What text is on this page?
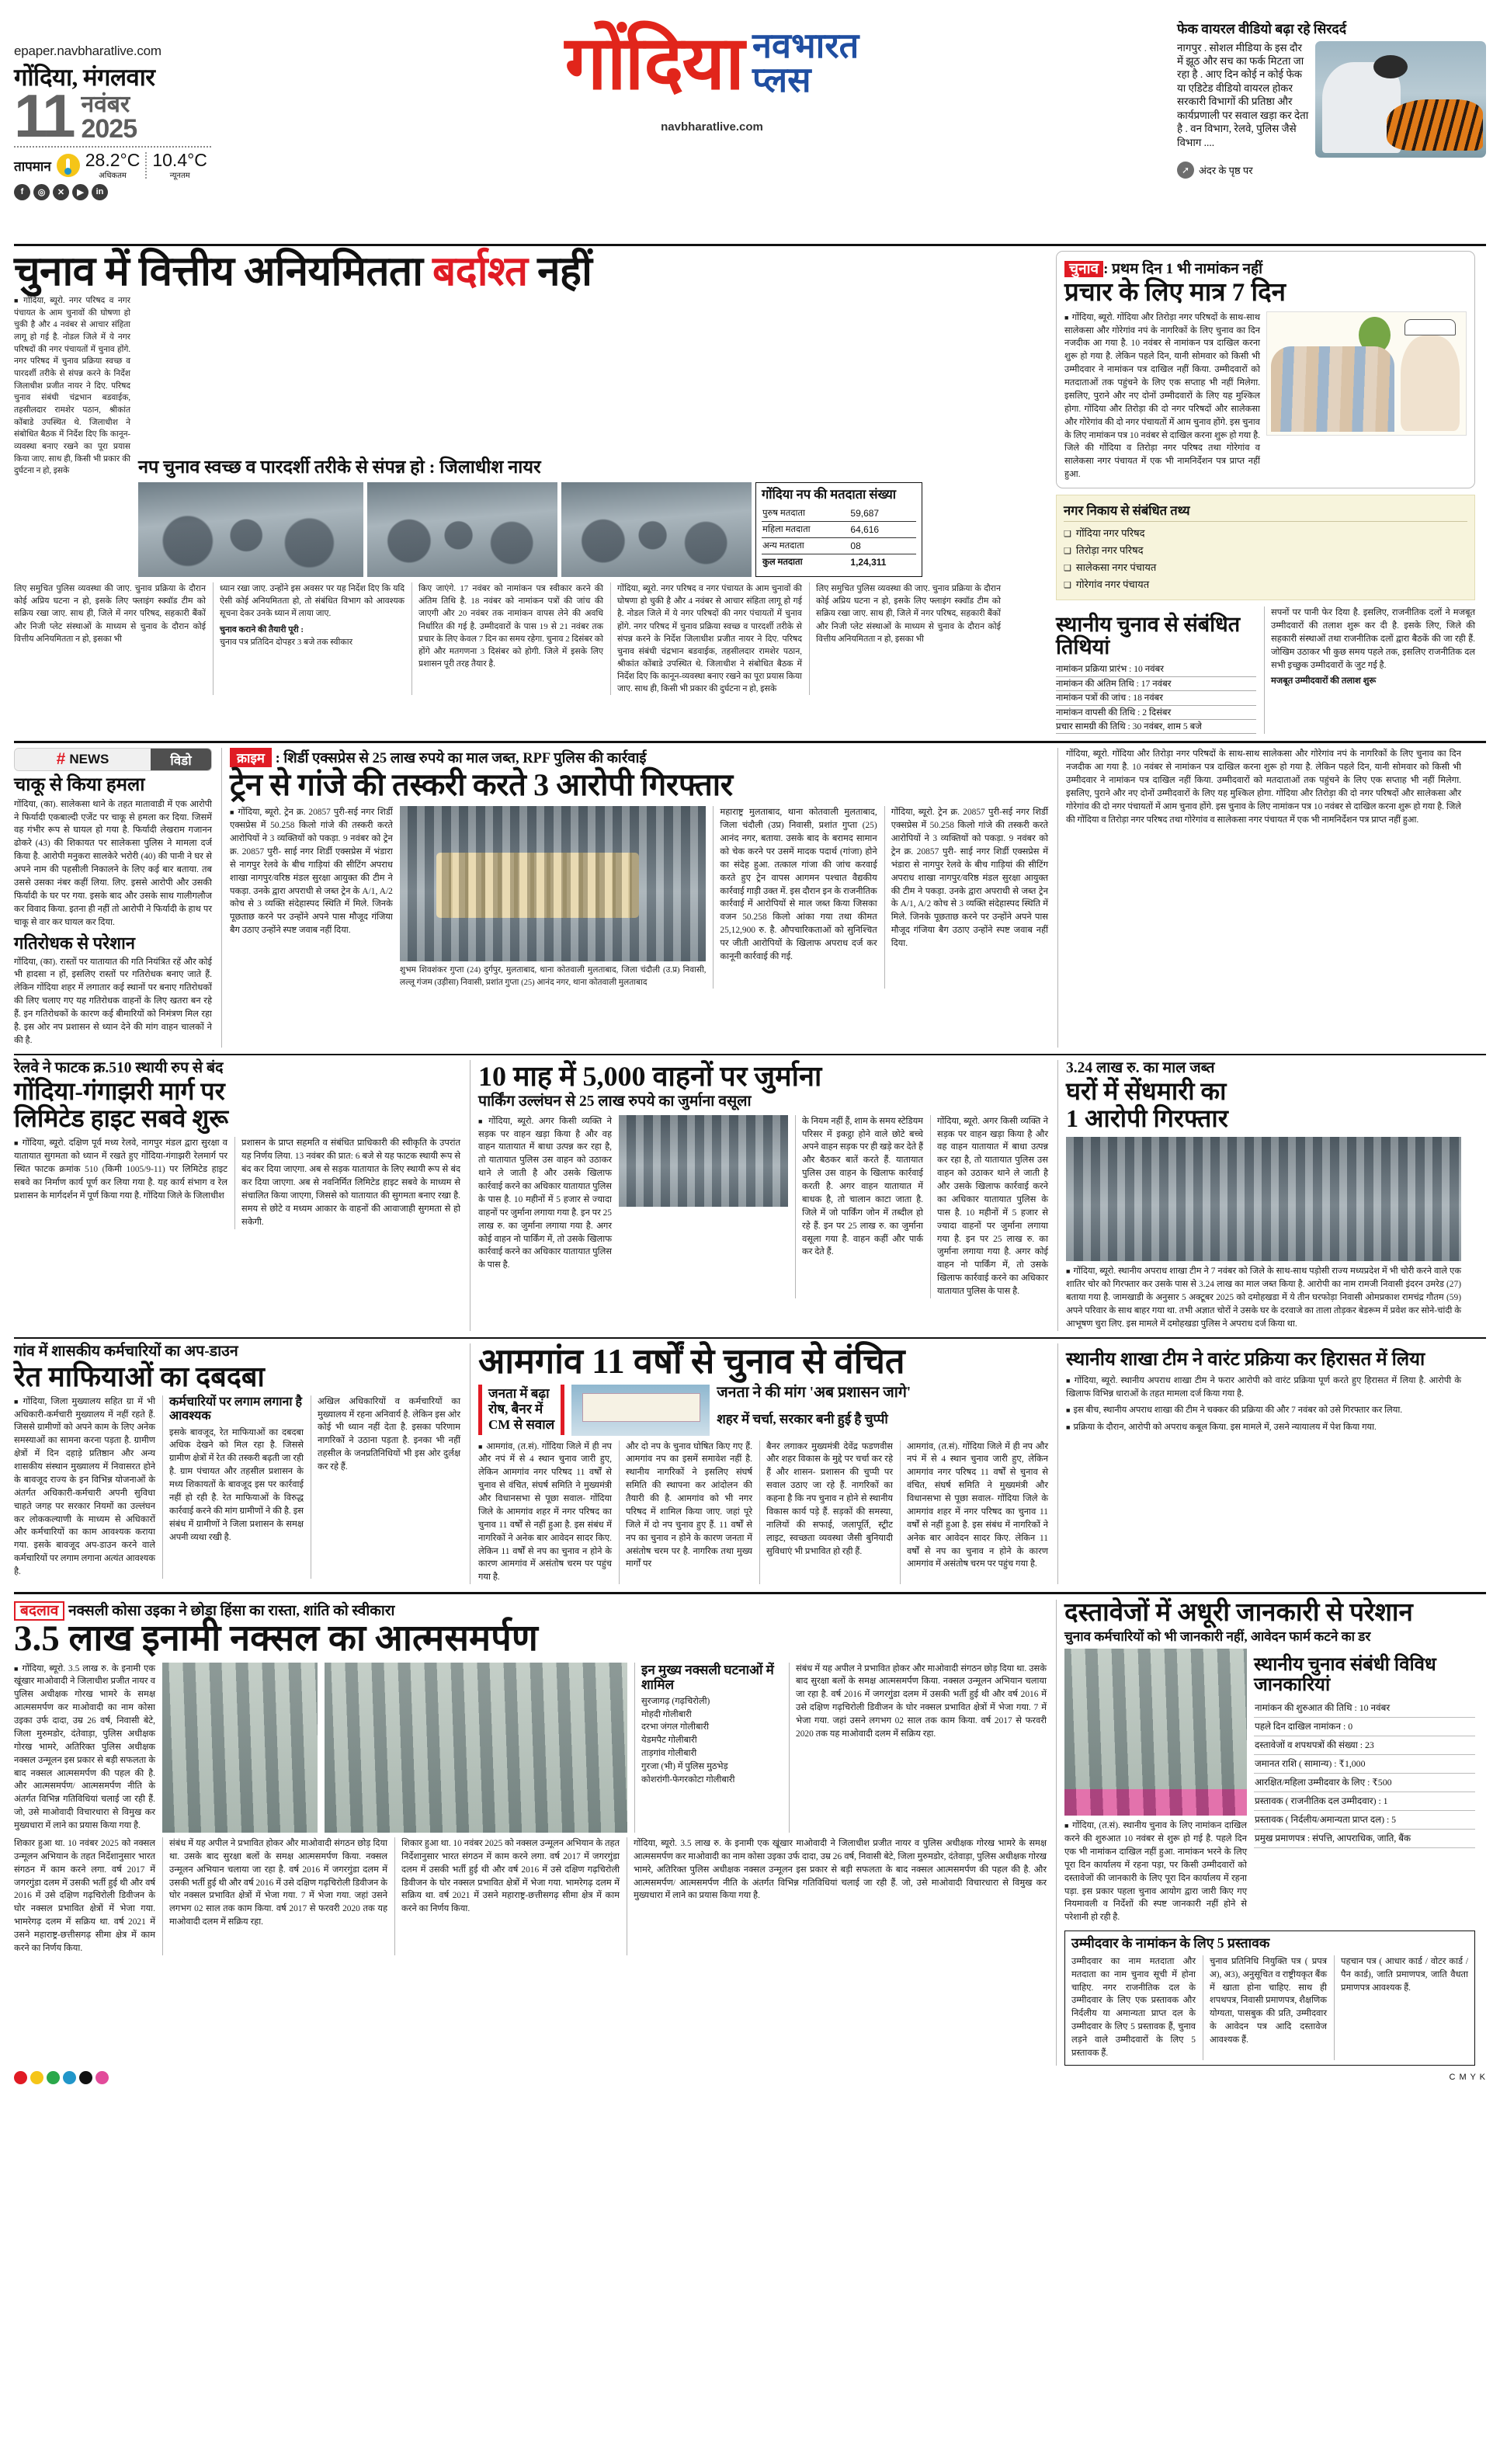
epaper.navbharatlive.com
गोंदिया, मंगलवार
11 नवंबर
2025
तापमान 28.2°C
अधिकतम
10.4°C
न्यूनतम
f	◎	✕	▶	in
गोंदिया नवभारत
प्लस
navbharatlive.com
फेक वायरल वीडियो बढ़ा रहे सिरदर्द
नागपुर . सोशल मीडिया के इस दौर में झूठ और सच का फर्क मिटता जा रहा है . आए दिन कोई न कोई फेक या एडिटेड वीडियो वायरल होकर सरकारी विभागों की प्रतिष्ठा और कार्यप्रणाली पर सवाल खड़ा कर देता है . वन विभाग, रेलवे, पुलिस जैसे विभाग ....
➚ अंदर के पृष्ठ पर
चुनाव में वित्तीय अनियमितता बर्दाश्त नहीं
■ गोंदिया, ब्यूरो. नगर परिषद व नगर पंचायत के आम चुनावों की घोषणा हो चुकी है और 4 नवंबर से आचार संहिता लागू हो गई है. नोडल जिले में ये नगर परिषदों की नगर पंचायतों में चुनाव होंगे. नगर परिषद में चुनाव प्रक्रिया स्वच्छ व पारदर्शी तरीके से संपन्न करने के निर्देश जिलाधीश प्रजीत नायर ने दिए. परिषद चुनाव संबंधी चंद्रभान बडवाईक, तहसीलदार रामशेर पठान, श्रीकांत कोंबाडे उपस्थित थे. जिलाधीश ने संबोधित बैठक में निर्देश दिए कि कानून-व्यवस्था बनाए रखने का पूरा प्रयास किया जाए. साथ ही, किसी भी प्रकार की दुर्घटना न हो, इसके	नप चुनाव स्वच्छ व पारदर्शी तरीके से संपन्न हो : जिलाधीश नायर
गोंदिया नप की मतदाता संख्या
पुरुष मतदाता	59,687
महिला मतदाता	64,616
अन्य मतदाता	08
कुल मतदाता	1,24,311
लिए समुचित पुलिस व्यवस्था की जाए. चुनाव प्रक्रिया के दौरान कोई अप्रिय घटना न हो, इसके लिए फ्लाइंग स्क्वॉड टीम को सक्रिय रखा जाए. साथ ही, जिले में नगर परिषद, सहकारी बैंकों और निजी प्लेट संस्थाओं के माध्यम से चुनाव के दौरान कोई वित्तीय अनियमितता न हो, इसका भी
ध्यान रखा जाए. उन्होंने इस अवसर पर यह निर्देश दिए कि यदि ऐसी कोई अनियमितता हो, तो संबंधित विभाग को आवश्यक सूचना देकर उनके ध्यान में लाया जाए.
चुनाव कराने की तैयारी पूरी :
चुनाव पत्र प्रतिदिन दोपहर 3 बजे तक स्वीकार
किए जाएंगे. 17 नवंबर को नामांकन पत्र स्वीकार करने की अंतिम तिथि है. 18 नवंबर को नामांकन पत्रों की जांच की जाएगी और 20 नवंबर तक नामांकन वापस लेने की अवधि निर्धारित की गई है. उम्मीदवारों के पास 19 से 21 नवंबर तक प्रचार के लिए केवल 7 दिन का समय रहेगा. चुनाव 2 दिसंबर को होंगे और मतगणना 3 दिसंबर को होगी. जिले में इसके लिए प्रशासन पूरी तरह तैयार है.
गोंदिया, ब्यूरो. नगर परिषद व नगर पंचायत के आम चुनावों की घोषणा हो चुकी है और 4 नवंबर से आचार संहिता लागू हो गई है. नोडल जिले में ये नगर परिषदों की नगर पंचायतों में चुनाव होंगे. नगर परिषद में चुनाव प्रक्रिया स्वच्छ व पारदर्शी तरीके से संपन्न करने के निर्देश जिलाधीश प्रजीत नायर ने दिए. परिषद चुनाव संबंधी चंद्रभान बडवाईक, तहसीलदार रामशेर पठान, श्रीकांत कोंबाडे उपस्थित थे. जिलाधीश ने संबोधित बैठक में निर्देश दिए कि कानून-व्यवस्था बनाए रखने का पूरा प्रयास किया जाए. साथ ही, किसी भी प्रकार की दुर्घटना न हो, इसके
लिए समुचित पुलिस व्यवस्था की जाए. चुनाव प्रक्रिया के दौरान कोई अप्रिय घटना न हो, इसके लिए फ्लाइंग स्क्वॉड टीम को सक्रिय रखा जाए. साथ ही, जिले में नगर परिषद, सहकारी बैंकों और निजी प्लेट संस्थाओं के माध्यम से चुनाव के दौरान कोई वित्तीय अनियमितता न हो, इसका भी
चुनाव : प्रथम दिन 1 भी नामांकन नहीं
प्रचार के लिए मात्र 7 दिन
■ गोंदिया, ब्यूरो. गोंदिया और तिरोड़ा नगर परिषदों के साथ-साथ सालेकसा और गोरेगांव नपं के नागरिकों के लिए चुनाव का दिन नजदीक आ गया है. 10 नवंबर से नामांकन पत्र दाखिल करना शुरू हो गया है. लेकिन पहले दिन, यानी सोमवार को किसी भी उम्मीदवार ने नामांकन पत्र दाखिल नहीं किया. उम्मीदवारों को मतदाताओं तक पहुंचने के लिए एक सप्ताह भी नहीं मिलेगा. इसलिए, पुराने और नए दोनों उम्मीदवारों के लिए यह मुश्किल होगा. गोंदिया और तिरोड़ा की दो नगर परिषदों और सालेकसा और गोरेगांव की दो नगर पंचायतों में आम चुनाव होंगे. इस चुनाव के लिए नामांकन पत्र 10 नवंबर से दाखिल करना शुरू हो गया है. जिले की गोंदिया व तिरोड़ा नगर परिषद तथा गोरेगांव व सालेकसा नगर पंचायत में एक भी नामनिर्देशन पत्र प्राप्त नहीं हुआ.
नगर निकाय से संबंधित तथ्य
❑ गोंदिया नगर परिषद
❑ तिरोड़ा नगर परिषद
❑ सालेकसा नगर पंचायत
❑ गोरेगांव नगर पंचायत
स्थानीय चुनाव से संबंधित तिथियां
नामांकन प्रक्रिया प्रारंभ : 10 नवंबर
नामांकन की अंतिम तिथि : 17 नवंबर
नामांकन पत्रों की जांच : 18 नवंबर
नामांकन वापसी की तिथि : 2 दिसंबर
प्रचार सामग्री की तिथि : 30 नवंबर, शाम 5 बजे
सपनों पर पानी फेर दिया है. इसलिए, राजनीतिक दलों ने मजबूत उम्मीदवारों की तलाश शुरू कर दी है. इसके लिए, जिले की सहकारी संस्थाओं तथा राजनीतिक दलों द्वारा बैठकें की जा रही हैं. जोखिम उठाकर भी कुछ समय पहले तक, इसलिए राजनीतिक दल सभी इच्छुक उम्मीदवारों के जुट गई है.
मजबूत उम्मीदवारों की तलाश शुरू
# NEWS	विडो
चाकू से किया हमला
गोंदिया, (का). सालेकसा थाने के तहत मातावाडी में एक आरोपी ने फिर्यादी एकबाल्दी एजेंट पर चाकू से हमला कर दिया. जिसमें वह गंभीर रूप से घायल हो गया है. फिर्यादी लेखराम गजानन ढोकरे (43) की शिकायत पर सालेकसा पुलिस ने मामला दर्ज किया है. आरोपी मनुकरा सालकेरे भरोरी (40) की पानी ने घर से अपने नाम की पहसीली निकालने के लिए कई बार बताया. तब उससे उसका नंबर कहीं लिया. लिए. इससे आरोपी और उसकी फिर्यादी के घर पर गया. इसके बाद और उसके साथ गालीगलौज कर विवाद किया. इतना ही नहीं तो आरोपी ने फिर्यादी के हाथ पर चाकू से वार कर घायल कर दिया.
गतिरोधक से परेशान
गोंदिया, (का). रास्तों पर यातायात की गति नियंत्रित रहें और कोई भी हादसा न हों, इसलिए रास्तों पर गतिरोधक बनाए जाते हैं. लेकिन गोंदिया शहर में लगातार कई स्थानों पर बनाए गतिरोधकों की लिए चलाए गए यह गतिरोधक वाहनों के लिए खतरा बन रहे हैं. इन गतिरोधकों के कारण कई बीमारियों को निमंत्रण मिल रहा है. इस ओर नप प्रशासन से ध्यान देने की मांग वाहन चालकों ने की है.
क्राइम : शिर्डी एक्सप्रेस से 25 लाख रुपये का माल जब्त, RPF पुलिस की कार्रवाई
ट्रेन से गांजे की तस्करी करते 3 आरोपी गिरफ्तार
■ गोंदिया, ब्यूरो. ट्रेन क्र. 20857 पुरी-सई नगर शिर्डी एक्सप्रेस में 50.258 किलो गांजे की तस्करी करते आरोपियों ने 3 व्यक्तियों को पकड़ा. 9 नवंबर को ट्रेन क्र. 20857 पुरी- साई नगर शिर्डी एक्सप्रेस में भंडारा से नागपुर रेलवे के बीच गाड़ियां की सीटिंग अपराध शाखा नागपुर/वरिष्ठ मंडल सुरक्षा आयुक्त की टीम ने पकड़ा. उनके द्वारा अपराधी से जब्त ट्रेन के A/1, A/2 कोच से 3 व्यक्ति संदेहास्पद स्थिति में मिले. जिनके पूछताछ करने पर उन्होंने अपने पास मौजूद गंजिया बैग उठाए उन्होंने स्पष्ट जवाब नहीं दिया.
शुभम शिवशंकर गुप्ता (24) दुर्गपुर, मुलताबाद, थाना कोतवाली मुलताबाद, जिला चंदौली (उ.प्र) निवासी, लल्लू गंजम (उड़ीसा) निवासी, प्रशांत गुप्ता (25) आनंद नगर, थाना कोतवाली मुलताबाद
महाराष्ट्र मुलताबाद, थाना कोतवाली मुलताबाद, जिला चंदौली (उप्र) निवासी, प्रशांत गुप्ता (25) आनंद नगर, बताया. उसके बाद के बरामद सामान को चेक करने पर उसमें मादक पदार्थ (गांजा) होने का संदेह हुआ. तत्काल गांजा की जांच करवाई करते हुए ट्रेन वापस आगमन पश्चात वैद्यकीय कार्रवाई गाड़ी उक्त में. इस दौरान इन के राजनीतिक कार्रवाई में आरोपियों से माल जब्त किया जिसका वजन 50.258 किलो आंका गया तथा कीमत 25,12,900 रु. है. औपचारिकताओं को सुनिश्चित पर जीती आरोपियों के खिलाफ अपराध दर्ज कर कानूनी कार्रवाई की गई.
गोंदिया, ब्यूरो. ट्रेन क्र. 20857 पुरी-सई नगर शिर्डी एक्सप्रेस में 50.258 किलो गांजे की तस्करी करते आरोपियों ने 3 व्यक्तियों को पकड़ा. 9 नवंबर को ट्रेन क्र. 20857 पुरी- साई नगर शिर्डी एक्सप्रेस में भंडारा से नागपुर रेलवे के बीच गाड़ियां की सीटिंग अपराध शाखा नागपुर/वरिष्ठ मंडल सुरक्षा आयुक्त की टीम ने पकड़ा. उनके द्वारा अपराधी से जब्त ट्रेन के A/1, A/2 कोच से 3 व्यक्ति संदेहास्पद स्थिति में मिले. जिनके पूछताछ करने पर उन्होंने अपने पास मौजूद गंजिया बैग उठाए उन्होंने स्पष्ट जवाब नहीं दिया.
गोंदिया, ब्यूरो. गोंदिया और तिरोड़ा नगर परिषदों के साथ-साथ सालेकसा और गोरेगांव नपं के नागरिकों के लिए चुनाव का दिन नजदीक आ गया है. 10 नवंबर से नामांकन पत्र दाखिल करना शुरू हो गया है. लेकिन पहले दिन, यानी सोमवार को किसी भी उम्मीदवार ने नामांकन पत्र दाखिल नहीं किया. उम्मीदवारों को मतदाताओं तक पहुंचने के लिए एक सप्ताह भी नहीं मिलेगा. इसलिए, पुराने और नए दोनों उम्मीदवारों के लिए यह मुश्किल होगा. गोंदिया और तिरोड़ा की दो नगर परिषदों और सालेकसा और गोरेगांव की दो नगर पंचायतों में आम चुनाव होंगे. इस चुनाव के लिए नामांकन पत्र 10 नवंबर से दाखिल करना शुरू हो गया है. जिले की गोंदिया व तिरोड़ा नगर परिषद तथा गोरेगांव व सालेकसा नगर पंचायत में एक भी नामनिर्देशन पत्र प्राप्त नहीं हुआ.
रेलवे ने फाटक क्र.510 स्थायी रुप से बंद
गोंदिया-गंगाझरी मार्ग पर
लिमिटेड हाइट सबवे शुरू
■ गोंदिया, ब्यूरो. दक्षिण पूर्व मध्य रेलवे, नागपुर मंडल द्वारा सुरक्षा व यातायात सुगमता को ध्यान में रखते हुए गोंदिया-गंगाझरी रेलमार्ग पर स्थित फाटक क्रमांक 510 (किमी 1005/9-11) पर लिमिटेड हाइट सबवे का निर्माण कार्य पूर्ण कर लिया गया है. यह कार्य संभाग व रेल प्रशासन के मार्गदर्शन में पूर्ण किया गया है. गोंदिया जिले के जिलाधीश
प्रशासन के प्राप्त सहमति व संबंधित प्राधिकारी की स्वीकृति के उपरांत यह निर्णय लिया. 13 नवंबर की प्रात: 6 बजे से यह फाटक स्थायी रूप से बंद कर दिया जाएगा. अब से सड़क यातायात के लिए स्थायी रूप से बंद कर दिया जाएगा. अब से नवनिर्मित लिमिटेड हाइट सबवे के माध्यम से संचालित किया जाएगा, जिससे को यातायात की सुगमता बनाए रखा है. समय से छोटे व मध्यम आकार के वाहनों की आवाजाही सुगमता से हो सकेगी.
10 माह में 5,000 वाहनों पर जुर्माना
पार्किंग उल्लंघन से 25 लाख रुपये का जुर्माना वसूला
■ गोंदिया, ब्यूरो. अगर किसी व्यक्ति ने सड़क पर वाहन खड़ा किया है और वह वाहन यातायात में बाधा उत्पन्न कर रहा है, तो यातायात पुलिस उस वाहन को उठाकर थाने ले जाती है और उसके खिलाफ कार्रवाई करने का अधिकार यातायात पुलिस के पास है. 10 महीनों में 5 हजार से ज्यादा वाहनों पर जुर्माना लगाया गया है. इन पर 25 लाख रु. का जुर्माना लगाया गया है. अगर कोई वाहन नो पार्किंग में, तो उसके खिलाफ कार्रवाई करने का अधिकार यातायात पुलिस के पास है.
के नियम नहीं हैं, शाम के समय स्टेडियम परिसर में इकट्ठा होने वाले छोटे बच्चे अपने वाहन सड़क पर ही खड़े कर देते हैं और बैठकर बातें करते हैं. यातायात पुलिस उस वाहन के खिलाफ कार्रवाई करती है. अगर वाहन यातायात में बाधक है, तो चालान काटा जाता है. जिले में जो पार्किंग जोन में तब्दील हो रहे हैं. इन पर 25 लाख रु. का जुर्माना वसूला गया है. वाहन कहीं और पार्क कर देते हैं.
गोंदिया, ब्यूरो. अगर किसी व्यक्ति ने सड़क पर वाहन खड़ा किया है और वह वाहन यातायात में बाधा उत्पन्न कर रहा है, तो यातायात पुलिस उस वाहन को उठाकर थाने ले जाती है और उसके खिलाफ कार्रवाई करने का अधिकार यातायात पुलिस के पास है. 10 महीनों में 5 हजार से ज्यादा वाहनों पर जुर्माना लगाया गया है. इन पर 25 लाख रु. का जुर्माना लगाया गया है. अगर कोई वाहन नो पार्किंग में, तो उसके खिलाफ कार्रवाई करने का अधिकार यातायात पुलिस के पास है.
3.24 लाख रु. का माल जब्त
घरों में सेंधमारी का
1 आरोपी गिरफ्तार
■ गोंदिया, ब्यूरो. स्थानीय अपराध शाखा टीम ने 7 नवंबर को जिले के साथ-साथ पड़ोसी राज्य मध्यप्रदेश में भी चोरी करने वाले एक शातिर चोर को गिरफ्तार कर उसके पास से 3.24 लाख का माल जब्त किया है. आरोपी का नाम रामजी निवासी इंदरन उमरेड (27) बताया गया है. जामखाडी के अनुसार 5 अक्टूबर 2025 को दमोहखडा में ये तीन घरफोड़ा निवासी ओमप्रकाश रामचंद्र गौतम (59) अपने परिवार के साथ बाहर गया था. तभी अज्ञात चोरों ने उसके घर के दरवाजे का ताला तोड़कर बेडरूम में प्रवेश कर सोने-चांदी के आभूषण चुरा लिए. इस मामले में दमोहखडा पुलिस ने अपराध दर्ज किया था.
गांव में शासकीय कर्मचारियों का अप-डाउन
रेत माफियाओं का दबदबा
■ गोंदिया, जिला मुख्यालय सहित ग्रा में भी अधिकारी-कर्मचारी मुख्यालय में नहीं रहते हैं. जिससे ग्रामीणों को अपने काम के लिए अनेक समस्याओं का सामना करना पड़ता है. ग्रामीण क्षेत्रों में दिन दहाड़े प्रतिष्ठान और अन्य शासकीय संस्थान मुख्यालय में निवासरत होने के बावजूद राज्य के इन विभिन्न योजनाओं के अंतर्गत अधिकारी-कर्मचारी अपनी सुविधा चाहते जगह पर सरकार नियमों का उल्लंघन कर लोककल्याणी के माध्यम से अधिकारों और कर्मचारियों का काम आवश्यक कराया गया. इसके बावजूद अप-डाउन करने वाले कर्मचारियों पर लगाम लगाना अत्यंत आवश्यक है.
कर्मचारियों पर लगाम लगाना है आवश्यक
इसके बावजूद, रेत माफियाओं का दबदबा अधिक देखने को मिल रहा है. जिससे ग्रामीण क्षेत्रों में रेत की तस्करी बढ़ती जा रही है. ग्राम पंचायत और तहसील प्रशासन के मध्य शिकायतों के बावजूद इस पर कार्रवाई नहीं हो रही है. रेत माफियाओं के विरुद्ध कार्रवाई करने की मांग ग्रामीणों ने की है. इस संबंध में ग्रामीणों ने जिला प्रशासन के समक्ष अपनी व्यथा रखी है.
अखिल अधिकारियों व कर्मचारियों का मुख्यालय में रहना अनिवार्य है. लेकिन इस ओर कोई भी ध्यान नहीं देता है. इसका परिणाम नागरिकों ने उठाना पड़ता है. इनका भी नहीं तहसील के जनप्रतिनिधियों भी इस ओर दुर्लक्ष कर रहे हैं.
आमगांव 11 वर्षों से चुनाव से वंचित
जनता में बढ़ा
रोष, बैनर में
CM से सवाल
जनता ने की मांग 'अब प्रशासन जागे'
शहर में चर्चा, सरकार बनी हुई है चुप्पी
■ आमगांव, (त.सं). गोंदिया जिले में ही नप और नपं में से 4 स्थान चुनाव जारी हुए, लेकिन आमगांव नगर परिषद 11 वर्षों से चुनाव से वंचित, संघर्ष समिति ने मुख्यमंत्री और विधानसभा से पूछा सवाल- गोंदिया जिले के आमगांव शहर में नगर परिषद का चुनाव 11 वर्षों से नहीं हुआ है. इस संबंध में नागरिकों ने अनेक बार आवेदन सादर किए. लेकिन 11 वर्षों से नप का चुनाव न होने के कारण आमगांव में असंतोष चरम पर पहुंच गया है.
और दो नप के चुनाव घोषित किए गए हैं. आमगांव नप का इसमें समावेश नहीं है. स्थानीय नागरिकों ने इसलिए संघर्ष समिति की स्थापना कर आंदोलन की तैयारी की है. आमगांव को भी नगर परिषद में शामिल किया जाए. जहां पूरे जिले में दो नप चुनाव हुए हैं. 11 वर्षों से नप का चुनाव न होने के कारण जनता में असंतोष चरम पर है. नागरिक तथा मुख्य मार्गों पर
बैनर लगाकर मुख्यमंत्री देवेंद्र फडणवीस और शहर विकास के मुद्दे पर चर्चा कर रहे हैं और शासन- प्रशासन की चुप्पी पर सवाल उठाए जा रहे हैं. नागरिकों का कहना है कि नप चुनाव न होने से स्थानीय विकास कार्य पड़े हैं. सड़कों की समस्या, नालियों की सफाई, जलापूर्ति, स्ट्रीट लाइट, स्वच्छता व्यवस्था जैसी बुनियादी सुविधाएं भी प्रभावित हो रही हैं.
आमगांव, (त.सं). गोंदिया जिले में ही नप और नपं में से 4 स्थान चुनाव जारी हुए, लेकिन आमगांव नगर परिषद 11 वर्षों से चुनाव से वंचित, संघर्ष समिति ने मुख्यमंत्री और विधानसभा से पूछा सवाल- गोंदिया जिले के आमगांव शहर में नगर परिषद का चुनाव 11 वर्षों से नहीं हुआ है. इस संबंध में नागरिकों ने अनेक बार आवेदन सादर किए. लेकिन 11 वर्षों से नप का चुनाव न होने के कारण आमगांव में असंतोष चरम पर पहुंच गया है.
स्थानीय शाखा टीम ने वारंट प्रक्रिया कर हिरासत में लिया
■ गोंदिया, ब्यूरो. स्थानीय अपराध शाखा टीम ने फरार आरोपी को वारंट प्रक्रिया पूर्ण करते हुए हिरासत में लिया है. आरोपी के खिलाफ विभिन्न धाराओं के तहत मामला दर्ज किया गया है.
■ इस बीच, स्थानीय अपराध शाखा की टीम ने चक्कर की प्रक्रिया की और 7 नवंबर को उसे गिरफ्तार कर लिया.
■ प्रक्रिया के दौरान, आरोपी को अपराध कबूल किया. इस मामले में, उसने न्यायालय में पेश किया गया.
बदलाव नक्सली कोसा उइका ने छोड़ा हिंसा का रास्ता, शांति को स्वीकारा
3.5 लाख इनामी नक्सल का आत्मसमर्पण
■ गोंदिया, ब्यूरो. 3.5 लाख रु. के इनामी एक खूंखार माओवादी ने जिलाधीश प्रजीत नायर व पुलिस अधीक्षक गोरख भामरे के समक्ष आत्मसमर्पण कर माओवादी का नाम कोसा उइका उर्फ दादा, उम्र 26 वर्ष, निवासी बेटे, जिला मुरुमडोर, दंतेवाड़ा, पुलिस अधीक्षक गोरख भामरे, अतिरिक्त पुलिस अधीक्षक नक्सल उन्मूलन इस प्रकार से बड़ी सफलता के बाद नक्सल आत्मसमर्पण की पहल की है. और आत्मसमर्पण/ आत्मसमर्पण नीति के अंतर्गत विभिन्न गतिविधियां चलाई जा रही हैं. जो, उसे माओवादी विचारधारा से विमुख कर मुख्यधारा में लाने का प्रयास किया गया है.
इन मुख्य नक्सली घटनाओं में शामिल
सुरजागढ़ (गढ़चिरोली)
मोहदी गोलीबारी
दरभा जंगल गोलीबारी
येडमपैट गोलीबारी
ताड़गांव गोलीबारी
गुरजा (भी) में पुलिस मुठभेड़
कोशरांगी-फेगरकोटा गोलीबारी
संबंध में यह अपील ने प्रभावित होकर और माओवादी संगठन छोड़ दिया था. उसके बाद सुरक्षा बलों के समक्ष आत्मसमर्पण किया. नक्सल उन्मूलन अभियान चलाया जा रहा है. वर्ष 2016 में जगरगुंडा दलम में उसकी भर्ती हुई थी और वर्ष 2016 में उसे दक्षिण गढ़चिरोली डिवीजन के घोर नक्सल प्रभावित क्षेत्रों में भेजा गया. 7 में भेजा गया. जहां उसने लगभग 02 साल तक काम किया. वर्ष 2017 से फरवरी 2020 तक यह माओवादी दलम में सक्रिय रहा.
शिकार हुआ था. 10 नवंबर 2025 को नक्सल उन्मूलन अभियान के तहत निर्देशानुसार भारत संगठन में काम करने लगा. वर्ष 2017 में जगरगुंडा दलम में उसकी भर्ती हुई थी और वर्ष 2016 में उसे दक्षिण गढ़चिरोली डिवीजन के घोर नक्सल प्रभावित क्षेत्रों में भेजा गया. भामरेगढ़ दलम में सक्रिय था. वर्ष 2021 में उसने महाराष्ट्र-छत्तीसगढ़ सीमा क्षेत्र में काम करने का निर्णय किया.
संबंध में यह अपील ने प्रभावित होकर और माओवादी संगठन छोड़ दिया था. उसके बाद सुरक्षा बलों के समक्ष आत्मसमर्पण किया. नक्सल उन्मूलन अभियान चलाया जा रहा है. वर्ष 2016 में जगरगुंडा दलम में उसकी भर्ती हुई थी और वर्ष 2016 में उसे दक्षिण गढ़चिरोली डिवीजन के घोर नक्सल प्रभावित क्षेत्रों में भेजा गया. 7 में भेजा गया. जहां उसने लगभग 02 साल तक काम किया. वर्ष 2017 से फरवरी 2020 तक यह माओवादी दलम में सक्रिय रहा.
शिकार हुआ था. 10 नवंबर 2025 को नक्सल उन्मूलन अभियान के तहत निर्देशानुसार भारत संगठन में काम करने लगा. वर्ष 2017 में जगरगुंडा दलम में उसकी भर्ती हुई थी और वर्ष 2016 में उसे दक्षिण गढ़चिरोली डिवीजन के घोर नक्सल प्रभावित क्षेत्रों में भेजा गया. भामरेगढ़ दलम में सक्रिय था. वर्ष 2021 में उसने महाराष्ट्र-छत्तीसगढ़ सीमा क्षेत्र में काम करने का निर्णय किया.
गोंदिया, ब्यूरो. 3.5 लाख रु. के इनामी एक खूंखार माओवादी ने जिलाधीश प्रजीत नायर व पुलिस अधीक्षक गोरख भामरे के समक्ष आत्मसमर्पण कर माओवादी का नाम कोसा उइका उर्फ दादा, उम्र 26 वर्ष, निवासी बेटे, जिला मुरुमडोर, दंतेवाड़ा, पुलिस अधीक्षक गोरख भामरे, अतिरिक्त पुलिस अधीक्षक नक्सल उन्मूलन इस प्रकार से बड़ी सफलता के बाद नक्सल आत्मसमर्पण की पहल की है. और आत्मसमर्पण/ आत्मसमर्पण नीति के अंतर्गत विभिन्न गतिविधियां चलाई जा रही हैं. जो, उसे माओवादी विचारधारा से विमुख कर मुख्यधारा में लाने का प्रयास किया गया है.
दस्तावेजों में अधूरी जानकारी से परेशान
चुनाव कर्मचारियों को भी जानकारी नहीं, आवेदन फार्म कटने का डर
■ गोंदिया, (त.सं). स्थानीय चुनाव के लिए नामांकन दाखिल करने की शुरुआत 10 नवंबर से शुरू हो गई है. पहले दिन एक भी नामांकन दाखिल नहीं हुआ. नामांकन भरने के लिए पूरा दिन कार्यालय में रहना पड़ा, पर किसी उम्मीदवारों को दस्तावेजों की जानकारी के लिए पूरा दिन कार्यालय में रहना पड़ा. इस प्रकार पहला चुनाव आयोग द्वारा जारी किए गए नियमावली व निर्देशों की स्पष्ट जानकारी नहीं होने से परेशानी हो रही है.
स्थानीय चुनाव संबंधी विविध जानकारियां
नामांकन की शुरुआत की तिथि : 10 नवंबर
पहले दिन दाखिल नामांकन : 0
दस्तावेजों व शपथपत्रों की संख्या : 23
जमानत राशि ( सामान्य) : ₹1,000
आरक्षित/महिला उम्मीदवार के लिए : ₹500
प्रस्तावक ( राजनीतिक दल उम्मीदवार) : 1
प्रस्तावक ( निर्दलीय/अमान्यता प्राप्त दल) : 5
प्रमुख प्रमाणपत्र : संपत्ति, आपराधिक, जाति, बैंक
उम्मीदवार के नामांकन के लिए 5 प्रस्तावक
उम्मीदवार का नाम मतदाता और मतदाता का नाम चुनाव सूची में होना चाहिए. नगर राजनीतिक दल के उम्मीदवार के लिए एक प्रस्तावक और निर्दलीय या अमान्यता प्राप्त दल के उम्मीदवार के लिए 5 प्रस्तावक हैं, चुनाव लड़ने वाले उम्मीदवारों के लिए 5 प्रस्तावक हैं.
चुनाव प्रतिनिधि नियुक्ति पत्र ( प्रपत्र अ), अ3), अनुसूचित व राष्ट्रीयकृत बैंक में खाता होना चाहिए. साथ ही शपथपत्र, निवासी प्रमाणपत्र, शैक्षणिक योग्यता, पासबुक की प्रति, उम्मीदवार के आवेदन पत्र आदि दस्तावेज आवश्यक हैं.
पहचान पत्र ( आधार कार्ड / वोटर कार्ड / पैन कार्ड), जाति प्रमाणपत्र, जाति वैधता प्रमाणपत्र आवश्यक हैं.
C M Y K
